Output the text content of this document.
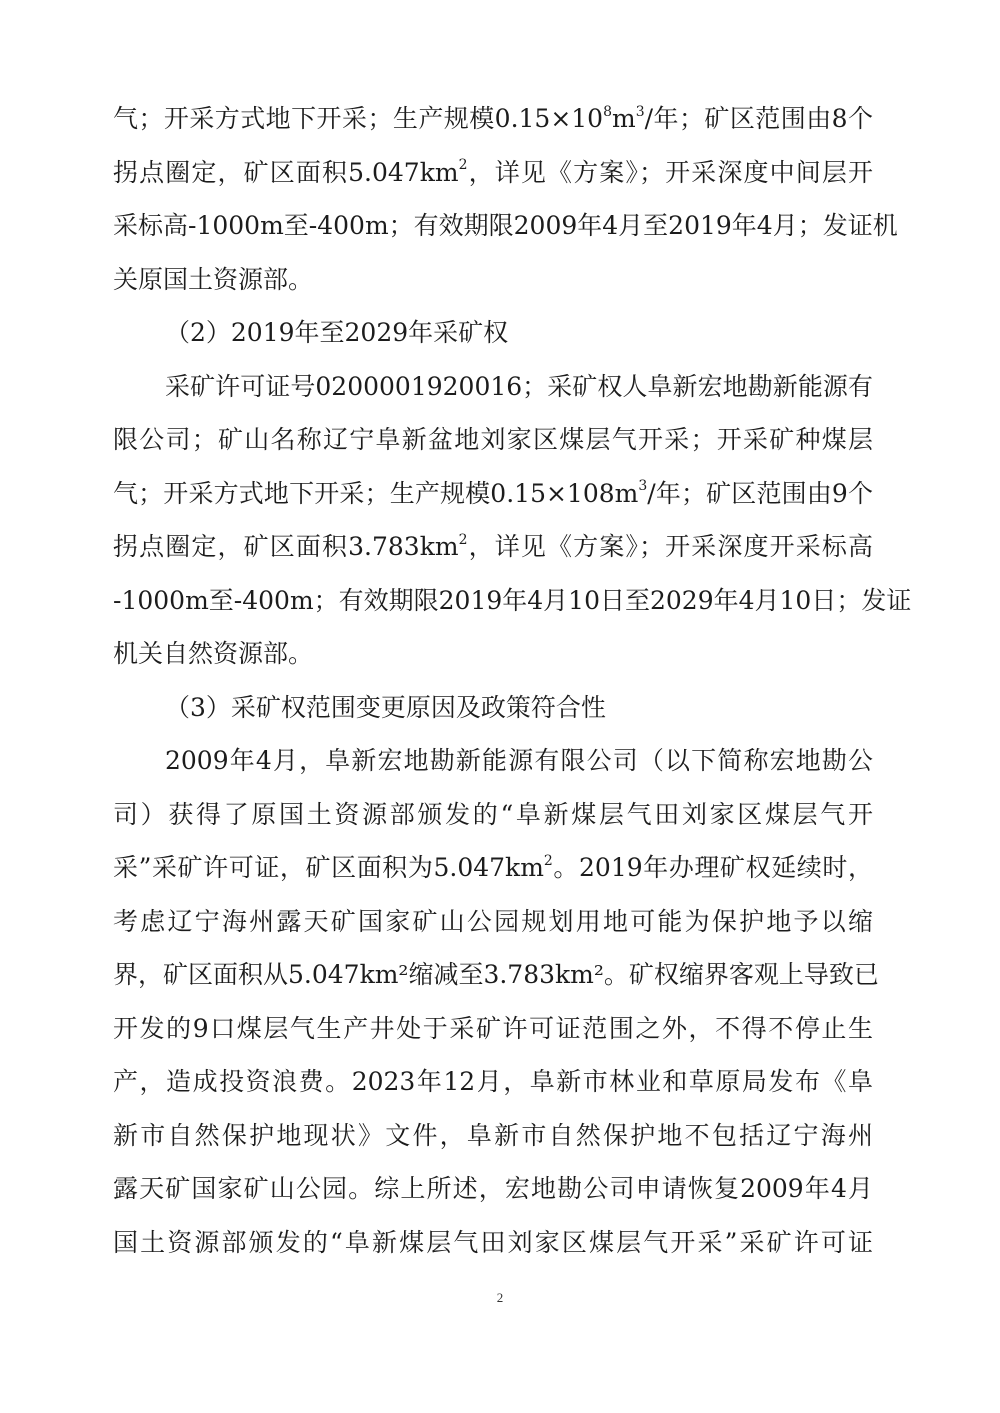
气；开采方式地下开采；生产规模$0.15\times 10^8m^3/$年；矿区范围由8个
拐点圈定，矿区面积$5.047km^2$，详见《方案》；开采深度中间层开
采标高-1000m至-400m；有效期限2009年4月至2019年4月；发证机
关原国土资源部。
（2）2019年至2029年采矿权
采矿许可证号0200001920016；采矿权人阜新宏地勘新能源有
限公司；矿山名称辽宁阜新盆地刘家区煤层气开采；开采矿种煤层
气；开采方式地下开采；生产规模$0.15\times 108m^3/$年；矿区范围由9个
拐点圈定，矿区面积$3.783km^2$，详见《方案》；开采深度开采标高
-1000m至-400m；有效期限2019年4月10日至2029年4月10日；发证
机关自然资源部。
（3）采矿权范围变更原因及政策符合性
2009年4月，阜新宏地勘新能源有限公司（以下简称宏地勘公
司）获得了原国土资源部颁发的“阜新煤层气田刘家区煤层气开
采”采矿许可证，矿区面积为$5.047km^2$。2019年办理矿权延续时，
考虑辽宁海州露天矿国家矿山公园规划用地可能为保护地予以缩
界，矿区面积从5.047km²缩减至3.783km²。矿权缩界客观上导致已
开发的9口煤层气生产井处于采矿许可证范围之外，不得不停止生
产，造成投资浪费。2023年12月，阜新市林业和草原局发布《阜
新市自然保护地现状》文件，阜新市自然保护地不包括辽宁海州
露天矿国家矿山公园。综上所述，宏地勘公司申请恢复2009年4月
国土资源部颁发的“阜新煤层气田刘家区煤层气开采”采矿许可证
2
